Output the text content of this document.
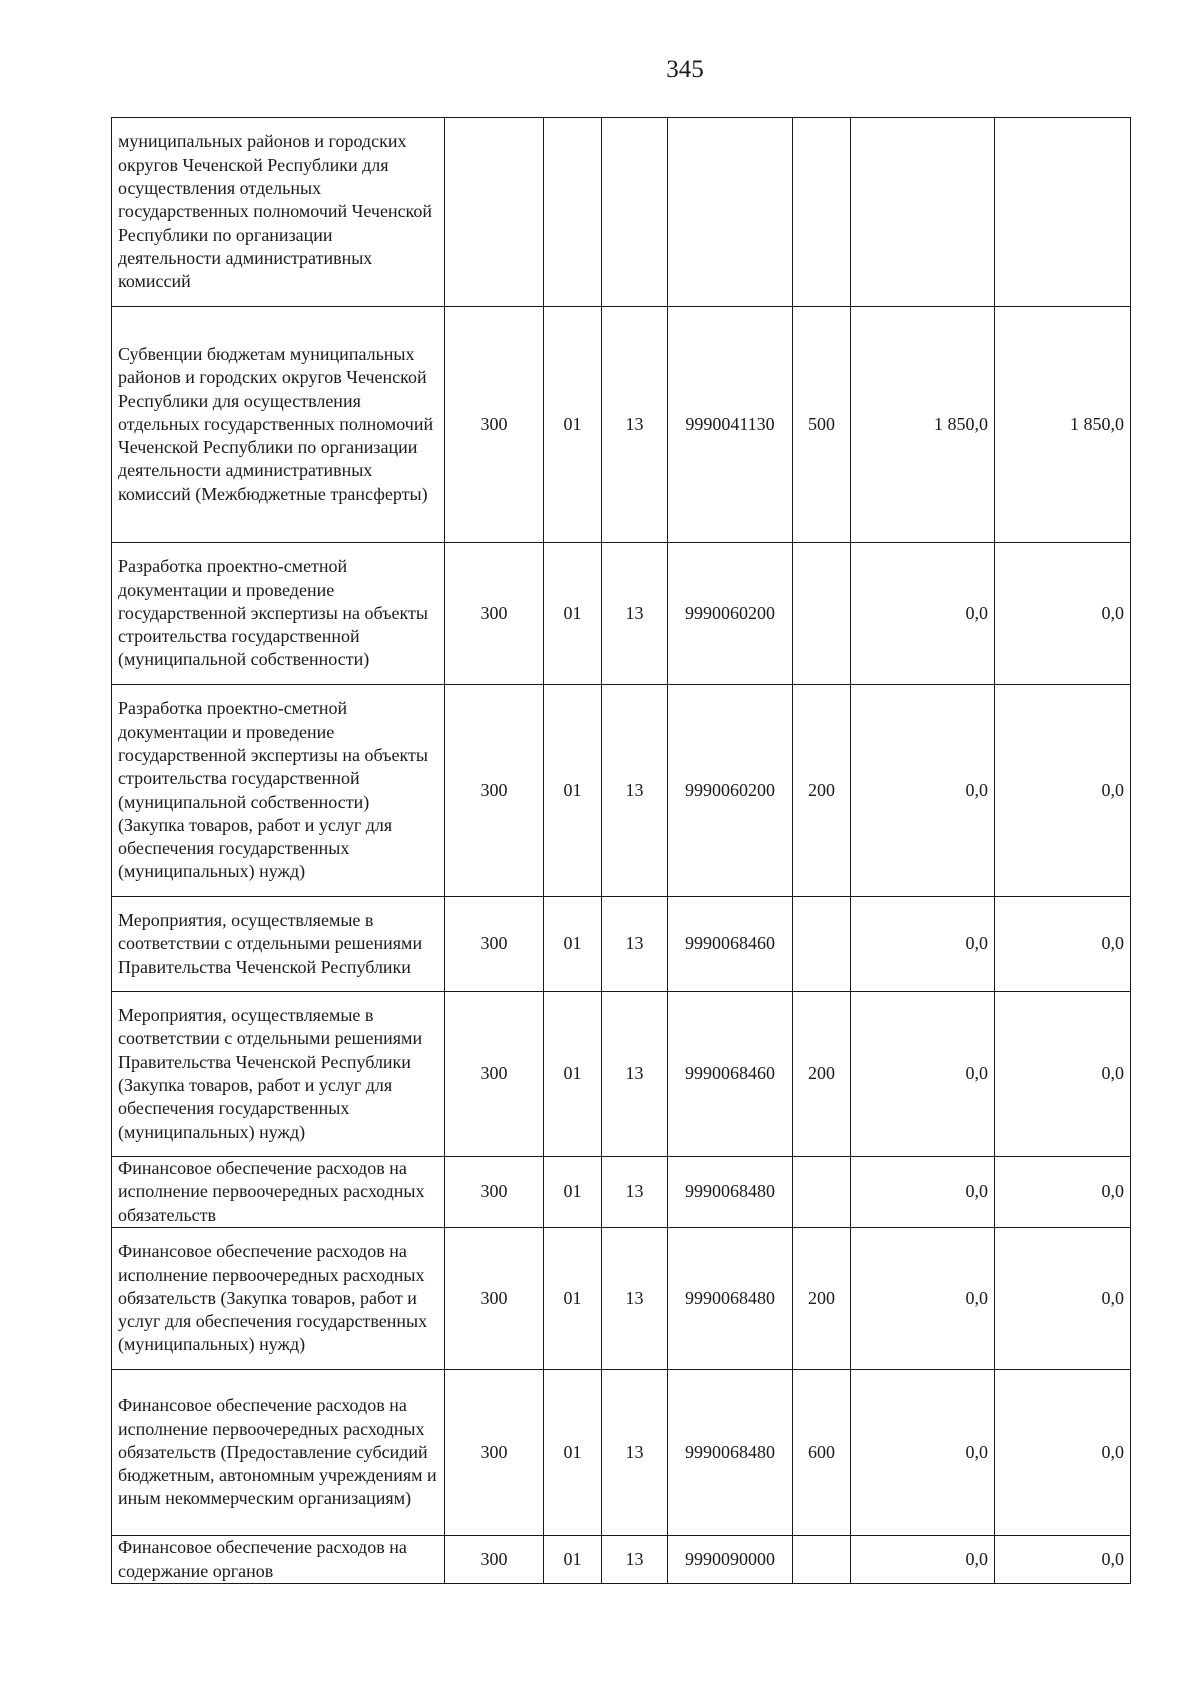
345
муниципальных районов и городских округов Чеченской Республики для осуществления отдельных государственных полномочий Чеченской Республики по организации деятельности административных комиссий							
Субвенции бюджетам муниципальных районов и городских округов Чеченской Республики для осуществления отдельных государственных полномочий Чеченской Республики по организации деятельности административных комиссий (Межбюджетные трансферты)	300	01	13	9990041130	500	1 850,0	1 850,0
Разработка проектно-сметной документации и проведение государственной экспертизы на объекты строительства государственной (муниципальной собственности)	300	01	13	9990060200		0,0	0,0
Разработка проектно-сметной документации и проведение государственной экспертизы на объекты строительства государственной (муниципальной собственности) (Закупка товаров, работ и услуг для обеспечения государственных (муниципальных) нужд)	300	01	13	9990060200	200	0,0	0,0
Мероприятия, осуществляемые в соответствии с отдельными решениями Правительства Чеченской Республики	300	01	13	9990068460		0,0	0,0
Мероприятия, осуществляемые в соответствии с отдельными решениями Правительства Чеченской Республики (Закупка товаров, работ и услуг для обеспечения государственных (муниципальных) нужд)	300	01	13	9990068460	200	0,0	0,0
Финансовое обеспечение расходов на исполнение первоочередных расходных обязательств	300	01	13	9990068480		0,0	0,0
Финансовое обеспечение расходов на исполнение первоочередных расходных обязательств (Закупка товаров, работ и услуг для обеспечения государственных (муниципальных) нужд)	300	01	13	9990068480	200	0,0	0,0
Финансовое обеспечение расходов на исполнение первоочередных расходных обязательств (Предоставление субсидий бюджетным, автономным учреждениям и иным некоммерческим организациям)	300	01	13	9990068480	600	0,0	0,0
Финансовое обеспечение расходов на содержание органов	300	01	13	9990090000		0,0	0,0
